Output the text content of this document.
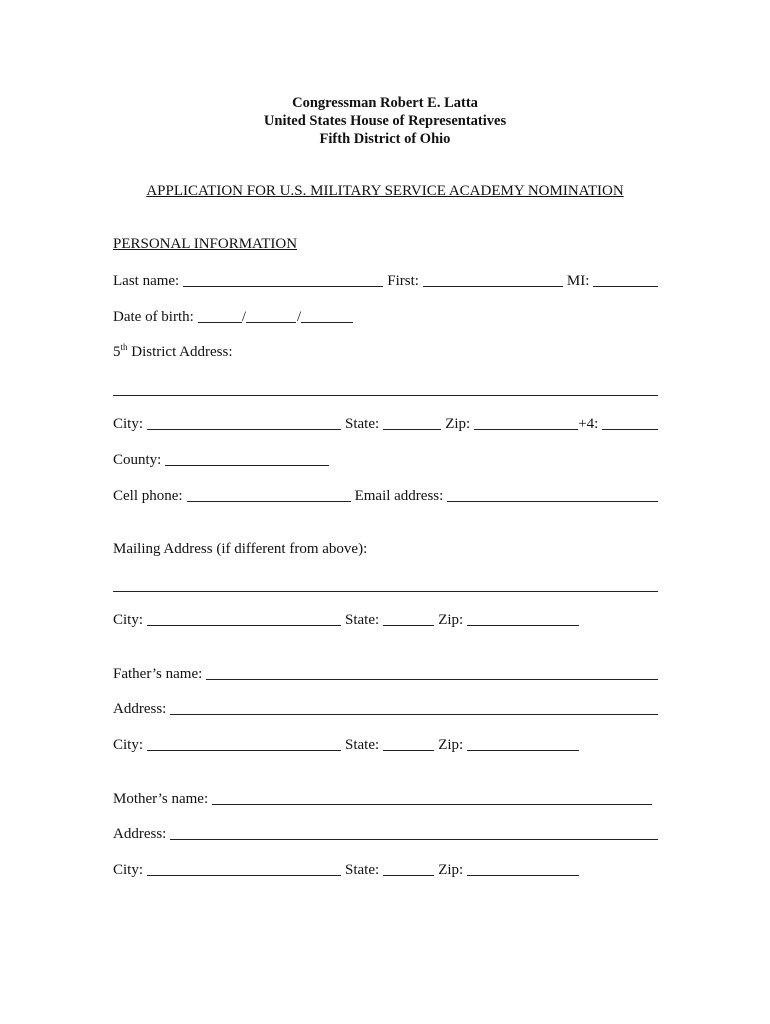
Congressman Robert E. Latta
United States House of Representatives
Fifth District of Ohio
APPLICATION FOR U.S. MILITARY SERVICE ACADEMY NOMINATION
PERSONAL INFORMATION
Last name:	First:	MI:
Date of birth:	/	/
5th District Address:
City:	State:	Zip:	+4:
County:
Cell phone:	Email address:
Mailing Address (if different from above):
City:	State:	Zip:
Father’s name:
Address:
City:	State:	Zip:
Mother’s name:
Address:
City:	State:	Zip:
